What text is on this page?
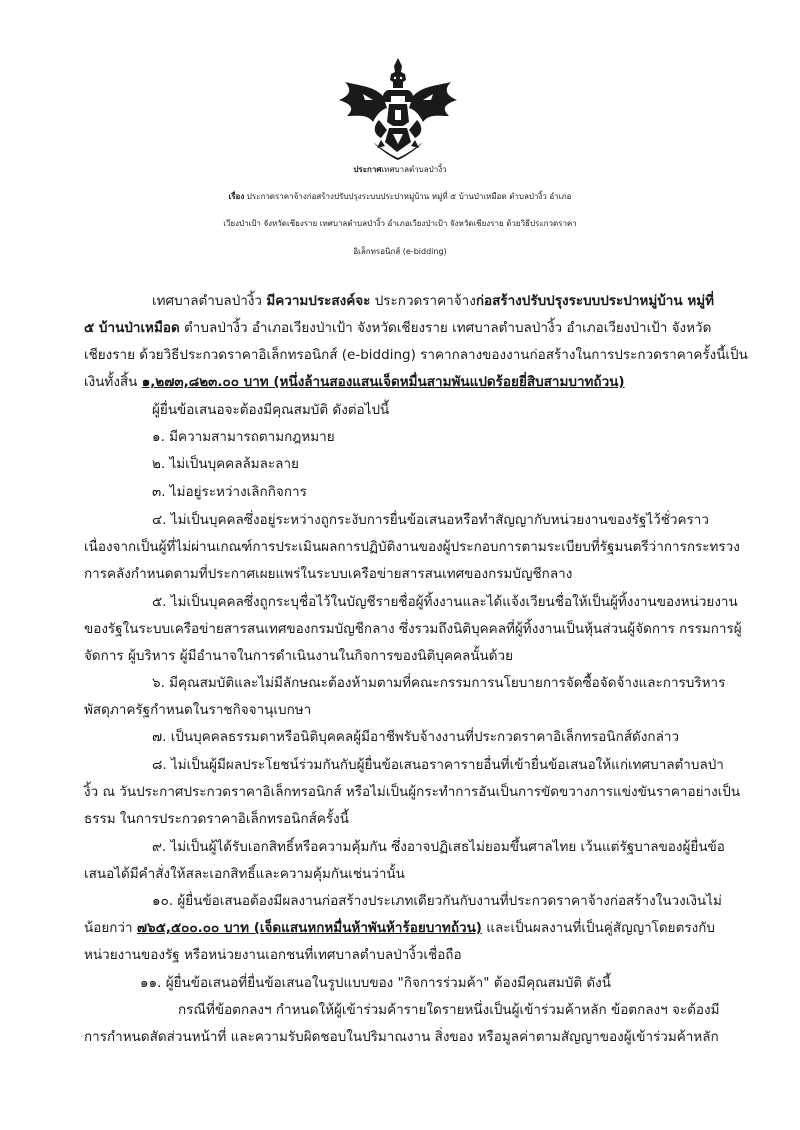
ประกาศเทศบาลตำบลป่างิ้ว
เรื่อง ประกวดราคาจ้างก่อสร้างปรับปรุงระบบประปาหมู่บ้าน หมู่ที่ ๕ บ้านป่าเหมือด ตำบลป่างิ้ว อำเภอ
เวียงป่าเป้า จังหวัดเชียงราย เทศบาลตำบลป่างิ้ว อำเภอเวียงป่าเป้า จังหวัดเชียงราย ด้วยวิธีประกวดราคา
อิเล็กทรอนิกส์ (e-bidding)
เทศบาลตำบลป่างิ้ว มีความประสงค์จะ ประกวดราคาจ้างก่อสร้างปรับปรุงระบบประปาหมู่บ้าน หมู่ที่
๕ บ้านป่าเหมือด ตำบลป่างิ้ว อำเภอเวียงป่าเป้า จังหวัดเชียงราย เทศบาลตำบลป่างิ้ว อำเภอเวียงป่าเป้า จังหวัด
เชียงราย ด้วยวิธีประกวดราคาอิเล็กทรอนิกส์ (e-bidding) ราคากลางของงานก่อสร้างในการประกวดราคาครั้งนี้เป็น
เงินทั้งสิ้น ๑,๒๗๓,๘๒๓.๐๐ บาท (หนึ่งล้านสองแสนเจ็ดหมื่นสามพันแปดร้อยยี่สิบสามบาทถ้วน)
ผู้ยื่นข้อเสนอจะต้องมีคุณสมบัติ ดังต่อไปนี้
๑. มีความสามารถตามกฎหมาย
๒. ไม่เป็นบุคคลล้มละลาย
๓. ไม่อยู่ระหว่างเลิกกิจการ
๔. ไม่เป็นบุคคลซึ่งอยู่ระหว่างถูกระงับการยื่นข้อเสนอหรือทำสัญญากับหน่วยงานของรัฐไว้ชั่วคราว
เนื่องจากเป็นผู้ที่ไม่ผ่านเกณฑ์การประเมินผลการปฏิบัติงานของผู้ประกอบการตามระเบียบที่รัฐมนตรีว่าการกระทรวง
การคลังกำหนดตามที่ประกาศเผยแพร่ในระบบเครือข่ายสารสนเทศของกรมบัญชีกลาง
๕. ไม่เป็นบุคคลซึ่งถูกระบุชื่อไว้ในบัญชีรายชื่อผู้ทิ้งงานและได้แจ้งเวียนชื่อให้เป็นผู้ทิ้งงานของหน่วยงาน
ของรัฐในระบบเครือข่ายสารสนเทศของกรมบัญชีกลาง ซึ่งรวมถึงนิติบุคคลที่ผู้ทิ้งงานเป็นหุ้นส่วนผู้จัดการ กรรมการผู้
จัดการ ผู้บริหาร ผู้มีอำนาจในการดำเนินงานในกิจการของนิติบุคคลนั้นด้วย
๖. มีคุณสมบัติและไม่มีลักษณะต้องห้ามตามที่คณะกรรมการนโยบายการจัดซื้อจัดจ้างและการบริหาร
พัสดุภาครัฐกำหนดในราชกิจจานุเบกษา
๗. เป็นบุคคลธรรมดาหรือนิติบุคคลผู้มีอาชีพรับจ้างงานที่ประกวดราคาอิเล็กทรอนิกส์ดังกล่าว
๘. ไม่เป็นผู้มีผลประโยชน์ร่วมกันกับผู้ยื่นข้อเสนอราคารายอื่นที่เข้ายื่นข้อเสนอให้แก่เทศบาลตำบลป่า
งิ้ว ณ วันประกาศประกวดราคาอิเล็กทรอนิกส์ หรือไม่เป็นผู้กระทำการอันเป็นการขัดขวางการแข่งขันราคาอย่างเป็น
ธรรม ในการประกวดราคาอิเล็กทรอนิกส์ครั้งนี้
๙. ไม่เป็นผู้ได้รับเอกสิทธิ์หรือความคุ้มกัน ซึ่งอาจปฏิเสธไม่ยอมขึ้นศาลไทย เว้นแต่รัฐบาลของผู้ยื่นข้อ
เสนอได้มีคำสั่งให้สละเอกสิทธิ์และความคุ้มกันเช่นว่านั้น
๑๐. ผู้ยื่นข้อเสนอต้องมีผลงานก่อสร้างประเภทเดียวกันกับงานที่ประกวดราคาจ้างก่อสร้างในวงเงินไม่
น้อยกว่า ๗๖๕,๕๐๐.๐๐ บาท (เจ็ดแสนหกหมื่นห้าพันห้าร้อยบาทถ้วน) และเป็นผลงานที่เป็นคู่สัญญาโดยตรงกับ
หน่วยงานของรัฐ หรือหน่วยงานเอกชนที่เทศบาลตำบลป่างิ้วเชื่อถือ
๑๑. ผู้ยื่นข้อเสนอที่ยื่นข้อเสนอในรูปแบบของ "กิจการร่วมค้า" ต้องมีคุณสมบัติ ดังนี้
กรณีที่ข้อตกลงฯ กำหนดให้ผู้เข้าร่วมค้ารายใดรายหนึ่งเป็นผู้เข้าร่วมค้าหลัก ข้อตกลงฯ จะต้องมี
การกำหนดสัดส่วนหน้าที่ และความรับผิดชอบในปริมาณงาน สิ่งของ หรือมูลค่าตามสัญญาของผู้เข้าร่วมค้าหลัก
